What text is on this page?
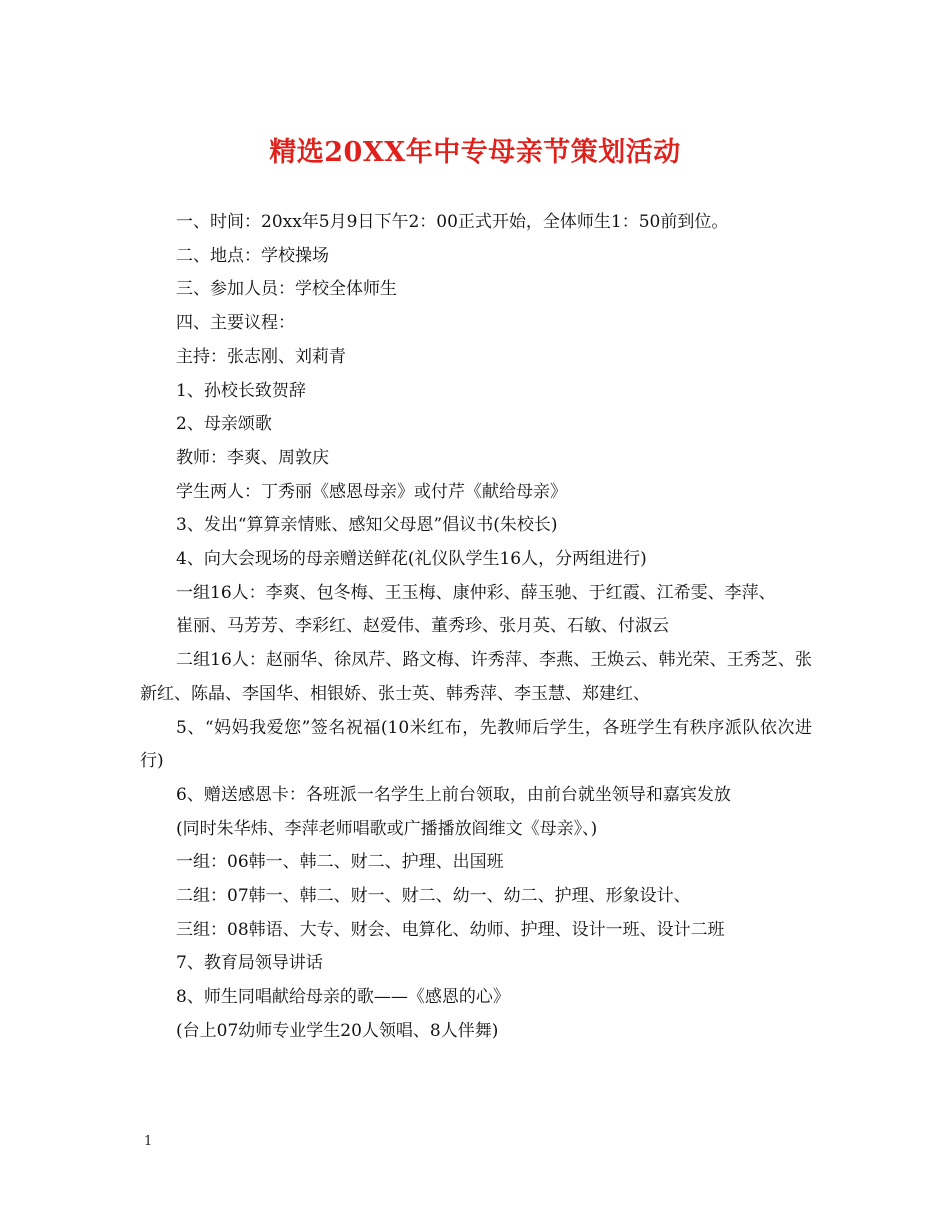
精选20XX年中专母亲节策划活动

一、时间：20xx年5月9日下午2：00正式开始，全体师生1：50前到位。

二、地点：学校操场

三、参加人员：学校全体师生

四、主要议程：

主持：张志刚、刘莉青

1、孙校长致贺辞

2、母亲颂歌

教师：李爽、周敦庆

学生两人：丁秀丽《感恩母亲》或付芹《献给母亲》

3、发出“算算亲情账、感知父母恩”倡议书(朱校长)

4、向大会现场的母亲赠送鲜花(礼仪队学生16人，分两组进行)

一组16人：李爽、包冬梅、王玉梅、康仲彩、薛玉驰、于红霞、江希雯、李萍、

崔丽、马芳芳、李彩红、赵爱伟、董秀珍、张月英、石敏、付淑云

二组16人：赵丽华、徐凤芹、路文梅、许秀萍、李燕、王焕云、韩光荣、王秀芝、张新红、陈晶、李国华、相银娇、张士英、韩秀萍、李玉慧、郑建红、

5、“妈妈我爱您”签名祝福(10米红布，先教师后学生，各班学生有秩序派队依次进行)

6、赠送感恩卡：各班派一名学生上前台领取，由前台就坐领导和嘉宾发放

(同时朱华炜、李萍老师唱歌或广播播放阎维文《母亲》、)

一组：06韩一、韩二、财二、护理、出国班

二组：07韩一、韩二、财一、财二、幼一、幼二、护理、形象设计、

三组：08韩语、大专、财会、电算化、幼师、护理、设计一班、设计二班

7、教育局领导讲话

8、师生同唱献给母亲的歌——《感恩的心》

(台上07幼师专业学生20人领唱、8人伴舞)

1
